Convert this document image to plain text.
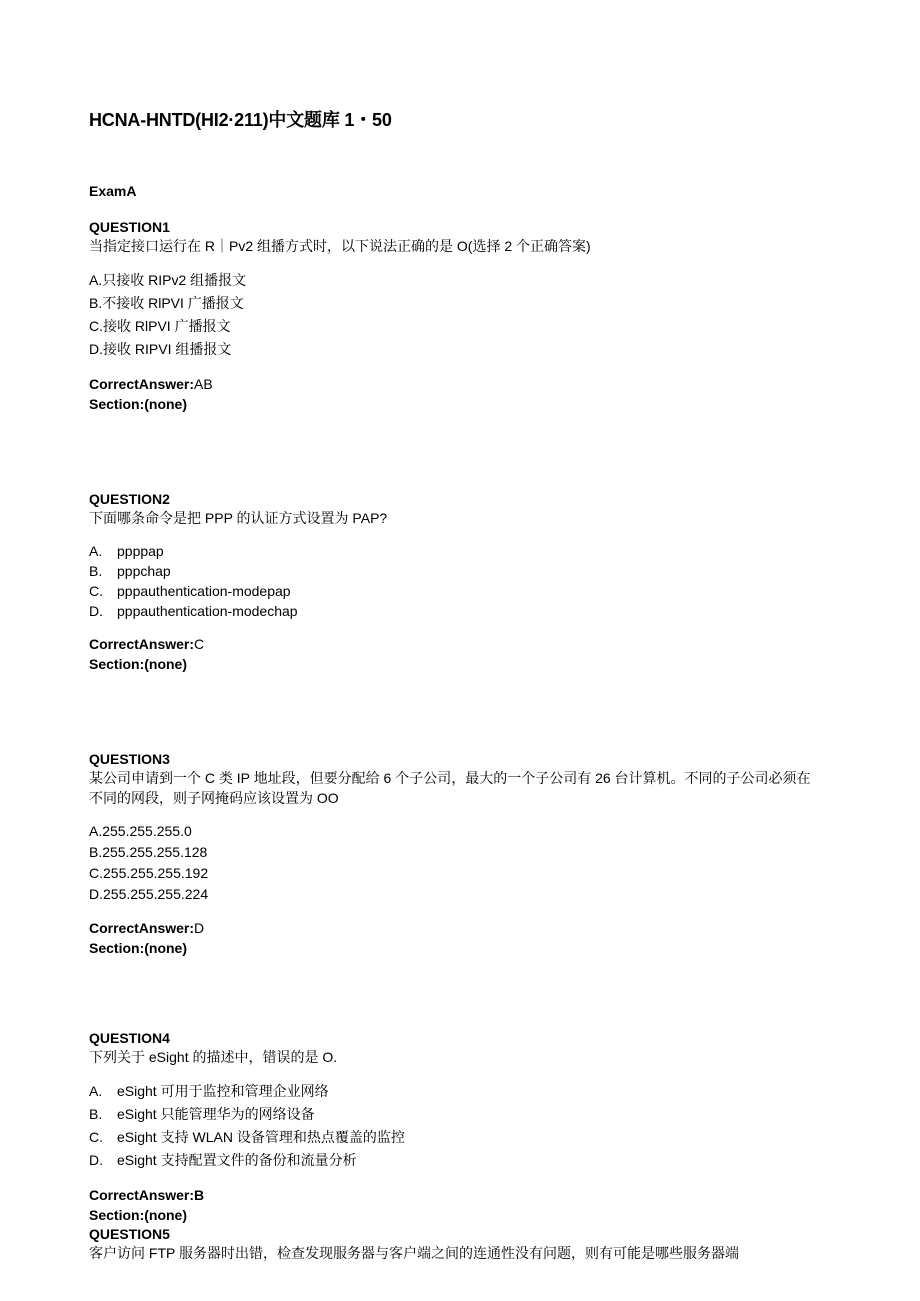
HCNA-HNTD(HI2·211)中文题库 1・50
ExamA
QUESTION1
当指定接口运行在 R｜Pv2 组播方式时，以下说法正确的是 O(选择 2 个正确答案)
A.只接收 RIPv2 组播报文
B.不接收 RlPVI 广播报文
C.接收 RlPVI 广播报文
D.接收 RIPVI 组播报文
CorrectAnswer:AB
Section:(none)
QUESTION2
下面哪条命令是把 PPP 的认证方式设置为 PAP?
A. ppppap
B. pppchap
C. pppauthentication-modepap
D. pppauthentication-modechap
CorrectAnswer:C
Section:(none)
QUESTION3
某公司申请到一个 C 类 IP 地址段，但要分配给 6 个子公司，最大的一个子公司有 26 台计算机。不同的子公司必须在不同的网段，则子网掩码应该设置为 OO
A.255.255.255.0
B.255.255.255.128
C.255.255.255.192
D.255.255.255.224
CorrectAnswer:D
Section:(none)
QUESTION4
下列关于 eSight 的描述中，错误的是 O.
A. eSight 可用于监控和管理企业网络
B. eSight 只能管理华为的网络设备
C. eSight 支持 WLAN 设备管理和热点覆盖的监控
D. eSight 支持配置文件的备份和流量分析
CorrectAnswer:B
Section:(none)
QUESTION5
客户访问 FTP 服务器时出错，检查发现服务器与客户端之间的连通性没有问题，则有可能是哪些服务器端
